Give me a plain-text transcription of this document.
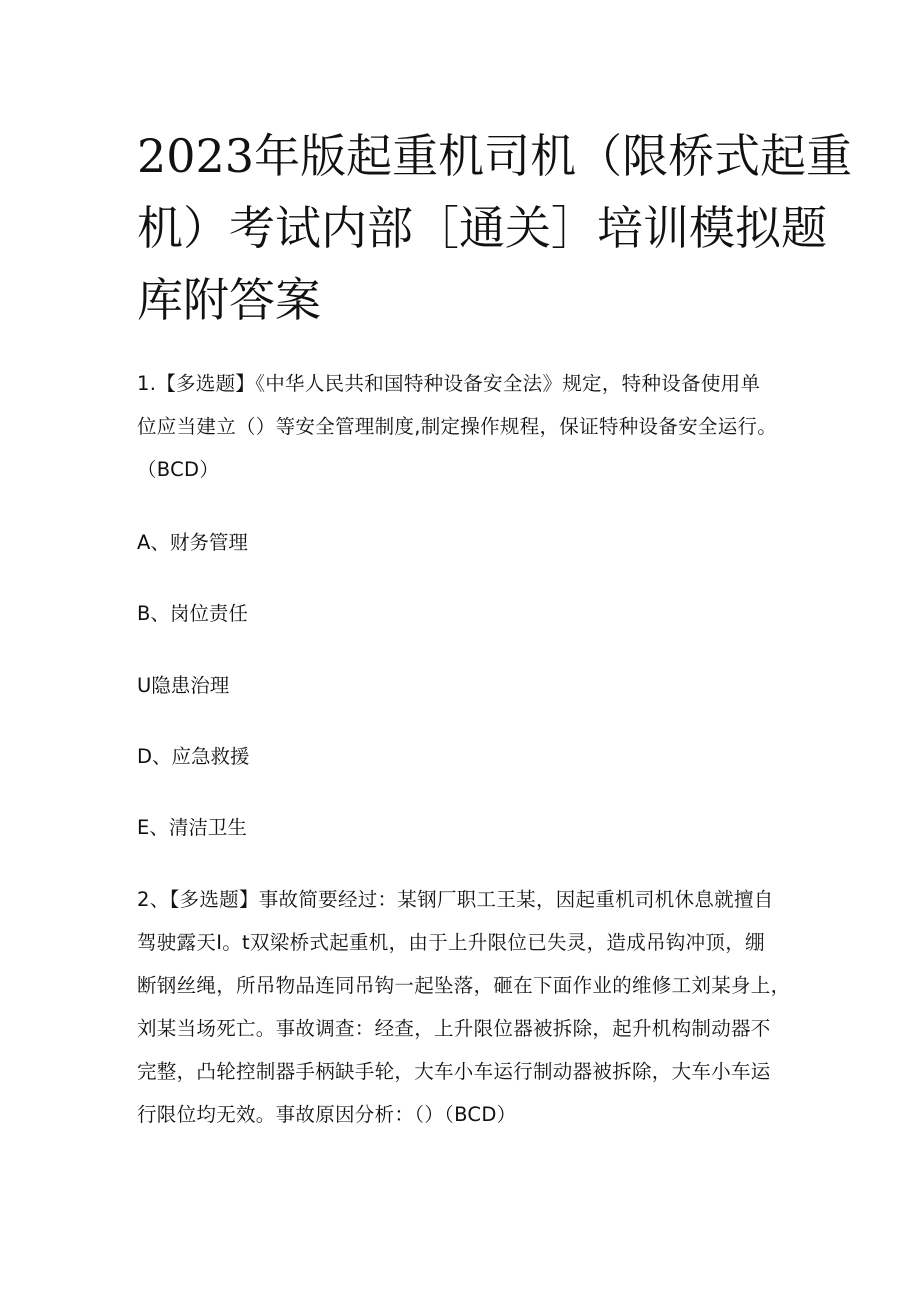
2023年版起重机司机（限桥式起重
机）考试内部［通关］培训模拟题
库附答案
1.【多选题】《中华人民共和国特种设备安全法》规定，特种设备使用单
位应当建立（）等安全管理制度,制定操作规程，保证特种设备安全运行。
（BCD）

A、财务管理

B、岗位责任

U隐患治理

D、应急救援

E、清洁卫生

2、【多选题】事故简要经过：某钢厂职工王某，因起重机司机休息就擅自
驾驶露天I。t双梁桥式起重机，由于上升限位已失灵，造成吊钩冲顶，绷
断钢丝绳，所吊物品连同吊钩一起坠落，砸在下面作业的维修工刘某身上，
刘某当场死亡。事故调查：经查，上升限位器被拆除，起升机构制动器不
完整，凸轮控制器手柄缺手轮，大车小车运行制动器被拆除，大车小车运
行限位均无效。事故原因分析：（）（BCD）
